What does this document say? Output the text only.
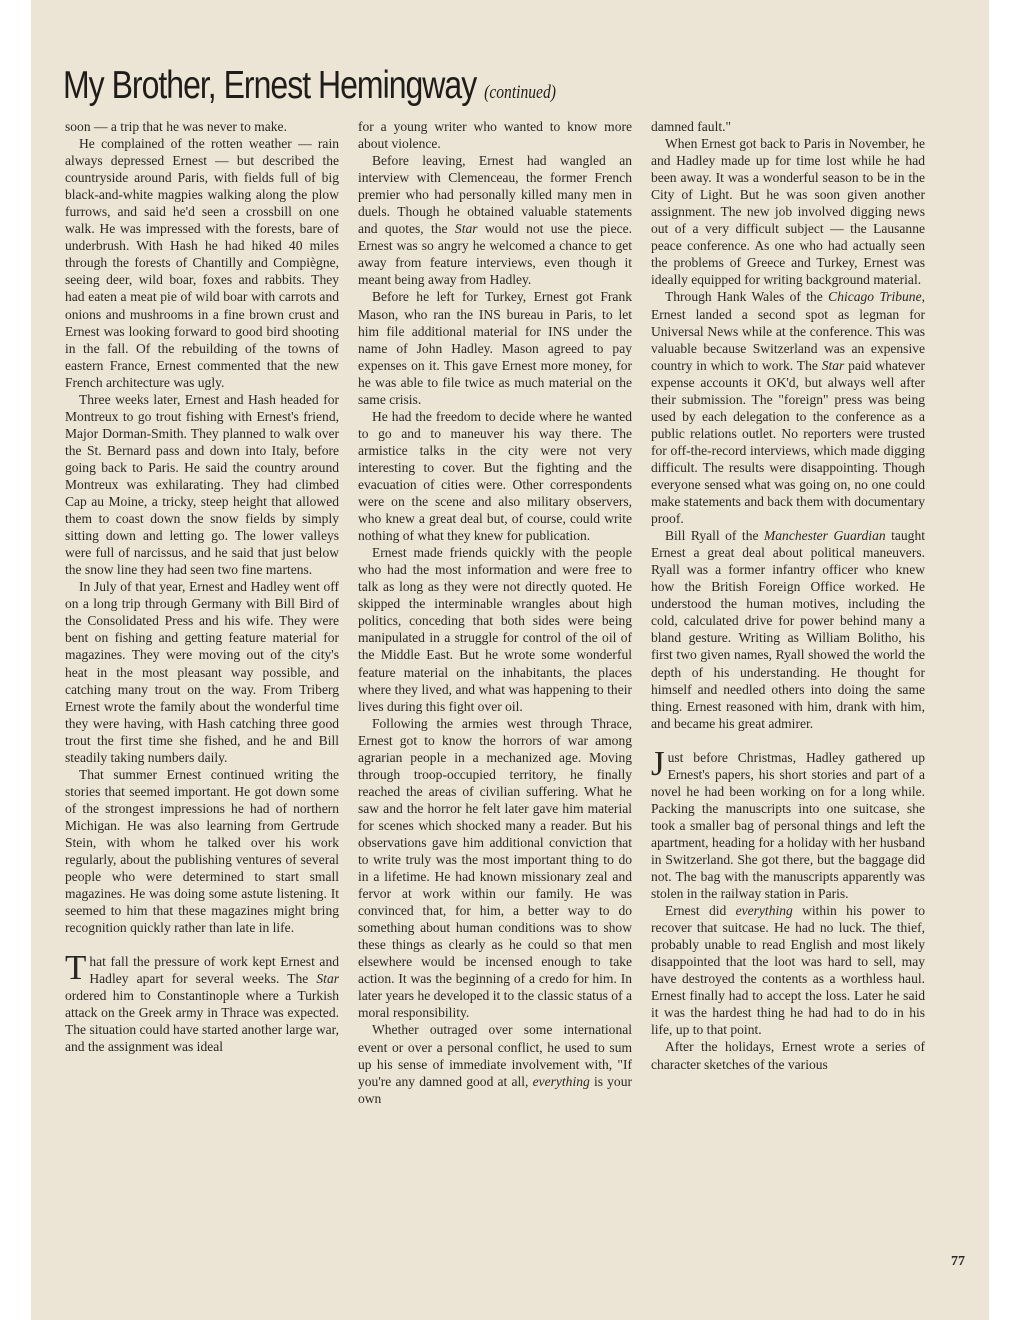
My Brother, Ernest Hemingway (continued)

soon — a trip that he was never to make.

He complained of the rotten weather — rain always depressed Ernest — but described the countryside around Paris, with fields full of big black-and-white magpies walking along the plow furrows, and said he'd seen a crossbill on one walk. He was impressed with the forests, bare of underbrush. With Hash he had hiked 40 miles through the forests of Chantilly and Compiègne, seeing deer, wild boar, foxes and rabbits. They had eaten a meat pie of wild boar with carrots and onions and mushrooms in a fine brown crust and Ernest was looking forward to good bird shooting in the fall. Of the rebuilding of the towns of eastern France, Ernest commented that the new French architecture was ugly.

Three weeks later, Ernest and Hash headed for Montreux to go trout fishing with Ernest's friend, Major Dorman-Smith. They planned to walk over the St. Bernard pass and down into Italy, before going back to Paris. He said the country around Montreux was exhilarating. They had climbed Cap au Moine, a tricky, steep height that allowed them to coast down the snow fields by simply sitting down and letting go. The lower valleys were full of narcissus, and he said that just below the snow line they had seen two fine martens.

In July of that year, Ernest and Hadley went off on a long trip through Germany with Bill Bird of the Consolidated Press and his wife. They were bent on fishing and getting feature material for magazines. They were moving out of the city's heat in the most pleasant way possible, and catching many trout on the way. From Triberg Ernest wrote the family about the wonderful time they were having, with Hash catching three good trout the first time she fished, and he and Bill steadily taking numbers daily.

That summer Ernest continued writing the stories that seemed important. He got down some of the strongest impressions he had of northern Michigan. He was also learning from Gertrude Stein, with whom he talked over his work regularly, about the publishing ventures of several people who were determined to start small magazines. He was doing some astute listening. It seemed to him that these magazines might bring recognition quickly rather than late in life.

That fall the pressure of work kept Ernest and Hadley apart for several weeks. The Star ordered him to Constantinople where a Turkish attack on the Greek army in Thrace was expected. The situation could have started another large war, and the assignment was ideal

for a young writer who wanted to know more about violence.

Before leaving, Ernest had wangled an interview with Clemenceau, the former French premier who had personally killed many men in duels. Though he obtained valuable statements and quotes, the Star would not use the piece. Ernest was so angry he welcomed a chance to get away from feature interviews, even though it meant being away from Hadley.

Before he left for Turkey, Ernest got Frank Mason, who ran the INS bureau in Paris, to let him file additional material for INS under the name of John Hadley. Mason agreed to pay expenses on it. This gave Ernest more money, for he was able to file twice as much material on the same crisis.

He had the freedom to decide where he wanted to go and to maneuver his way there. The armistice talks in the city were not very interesting to cover. But the fighting and the evacuation of cities were. Other correspondents were on the scene and also military observers, who knew a great deal but, of course, could write nothing of what they knew for publication.

Ernest made friends quickly with the people who had the most information and were free to talk as long as they were not directly quoted. He skipped the interminable wrangles about high politics, conceding that both sides were being manipulated in a struggle for control of the oil of the Middle East. But he wrote some wonderful feature material on the inhabitants, the places where they lived, and what was happening to their lives during this fight over oil.

Following the armies west through Thrace, Ernest got to know the horrors of war among agrarian people in a mechanized age. Moving through troop-occupied territory, he finally reached the areas of civilian suffering. What he saw and the horror he felt later gave him material for scenes which shocked many a reader. But his observations gave him additional conviction that to write truly was the most important thing to do in a lifetime. He had known missionary zeal and fervor at work within our family. He was convinced that, for him, a better way to do something about human conditions was to show these things as clearly as he could so that men elsewhere would be incensed enough to take action. It was the beginning of a credo for him. In later years he developed it to the classic status of a moral responsibility.

Whether outraged over some international event or over a personal conflict, he used to sum up his sense of immediate involvement with, "If you're any damned good at all, everything is your own

damned fault."

When Ernest got back to Paris in November, he and Hadley made up for time lost while he had been away. It was a wonderful season to be in the City of Light. But he was soon given another assignment. The new job involved digging news out of a very difficult subject — the Lausanne peace conference. As one who had actually seen the problems of Greece and Turkey, Ernest was ideally equipped for writing background material.

Through Hank Wales of the Chicago Tribune, Ernest landed a second spot as legman for Universal News while at the conference. This was valuable because Switzerland was an expensive country in which to work. The Star paid whatever expense accounts it OK'd, but always well after their submission. The "foreign" press was being used by each delegation to the conference as a public relations outlet. No reporters were trusted for off-the-record interviews, which made digging difficult. The results were disappointing. Though everyone sensed what was going on, no one could make statements and back them with documentary proof.

Bill Ryall of the Manchester Guardian taught Ernest a great deal about political maneuvers. Ryall was a former infantry officer who knew how the British Foreign Office worked. He understood the human motives, including the cold, calculated drive for power behind many a bland gesture. Writing as William Bolitho, his first two given names, Ryall showed the world the depth of his understanding. He thought for himself and needled others into doing the same thing. Ernest reasoned with him, drank with him, and became his great admirer.

Just before Christmas, Hadley gathered up Ernest's papers, his short stories and part of a novel he had been working on for a long while. Packing the manuscripts into one suitcase, she took a smaller bag of personal things and left the apartment, heading for a holiday with her husband in Switzerland. She got there, but the baggage did not. The bag with the manuscripts apparently was stolen in the railway station in Paris.

Ernest did everything within his power to recover that suitcase. He had no luck. The thief, probably unable to read English and most likely disappointed that the loot was hard to sell, may have destroyed the contents as a worthless haul. Ernest finally had to accept the loss. Later he said it was the hardest thing he had had to do in his life, up to that point.

After the holidays, Ernest wrote a series of character sketches of the various

77
